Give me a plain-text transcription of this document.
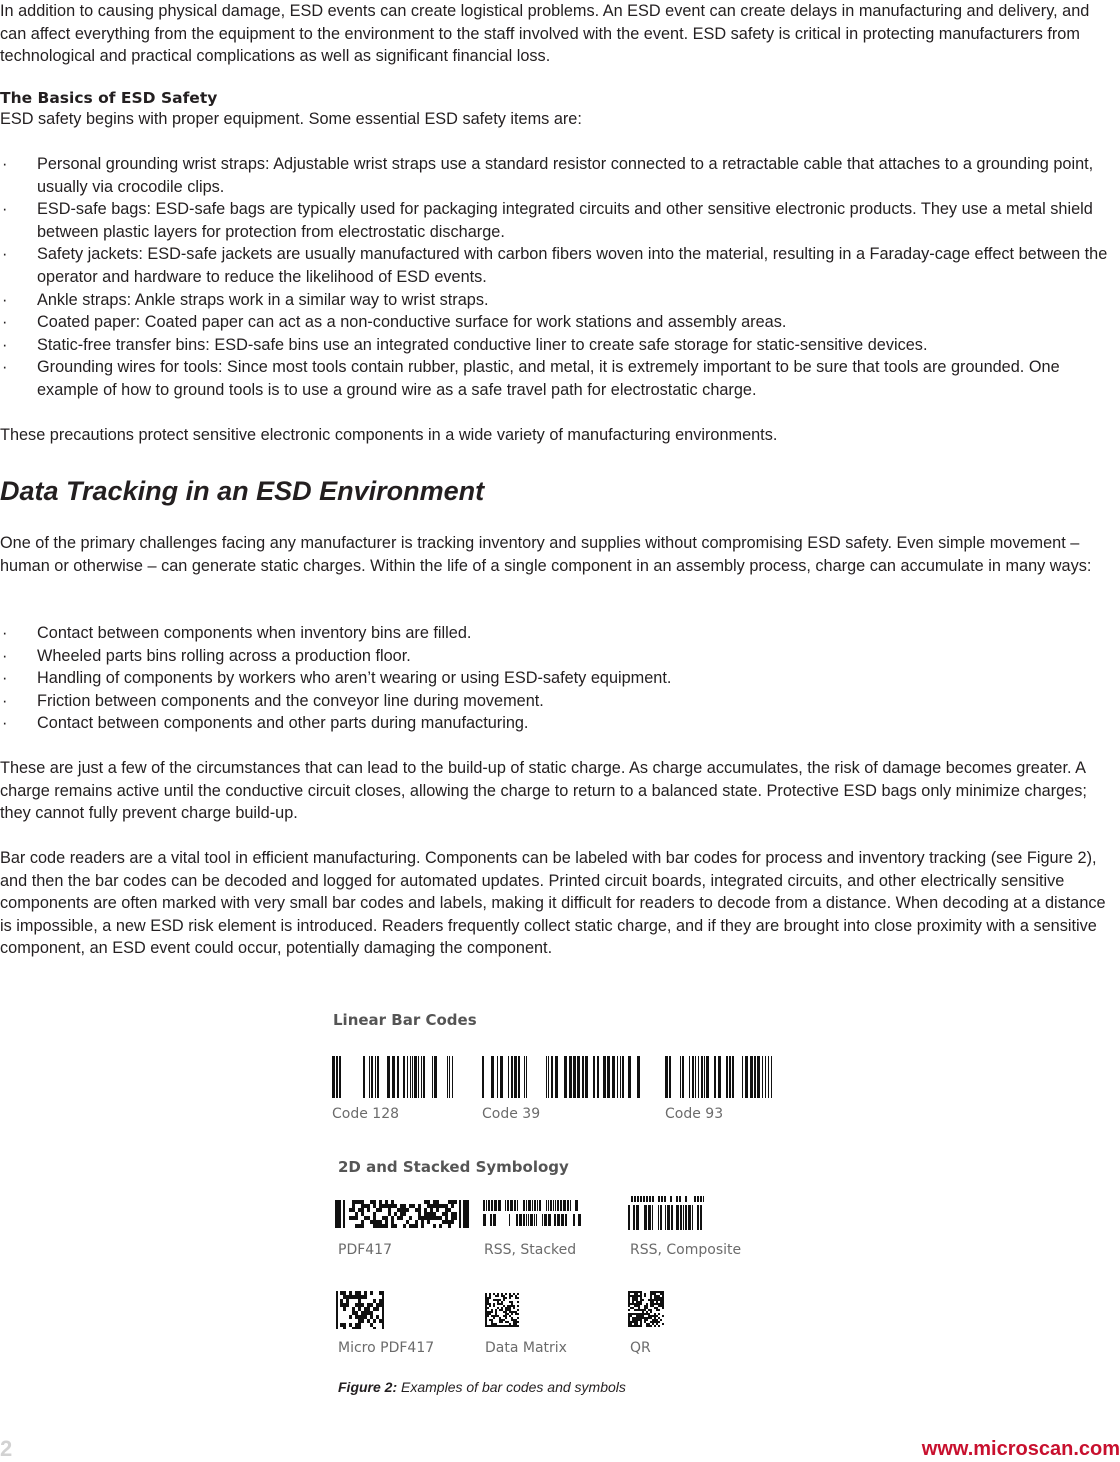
In addition to causing physical damage, ESD events can create logistical problems. An ESD event can create delays in manufacturing and delivery, and can affect everything from the equipment to the environment to the staff involved with the event. ESD safety is critical in protecting manufacturers from technological and practical complications as well as significant financial loss.

The Basics of ESD Safety

ESD safety begins with proper equipment. Some essential ESD safety items are:

· Personal grounding wrist straps: Adjustable wrist straps use a standard resistor connected to a retractable cable that attaches to a grounding point, usually via crocodile clips.
· ESD-safe bags: ESD-safe bags are typically used for packaging integrated circuits and other sensitive electronic products. They use a metal shield between plastic layers for protection from electrostatic discharge.
· Safety jackets: ESD-safe jackets are usually manufactured with carbon fibers woven into the material, resulting in a Faraday-cage effect between the operator and hardware to reduce the likelihood of ESD events.
· Ankle straps: Ankle straps work in a similar way to wrist straps.
· Coated paper: Coated paper can act as a non-conductive surface for work stations and assembly areas.
· Static-free transfer bins: ESD-safe bins use an integrated conductive liner to create safe storage for static-sensitive devices.
· Grounding wires for tools: Since most tools contain rubber, plastic, and metal, it is extremely important to be sure that tools are grounded. One example of how to ground tools is to use a ground wire as a safe travel path for electrostatic charge.

These precautions protect sensitive electronic components in a wide variety of manufacturing environments.

Data Tracking in an ESD Environment

One of the primary challenges facing any manufacturer is tracking inventory and supplies without compromising ESD safety. Even simple movement – human or otherwise – can generate static charges. Within the life of a single component in an assembly process, charge can accumulate in many ways:

· Contact between components when inventory bins are filled.
· Wheeled parts bins rolling across a production floor.
· Handling of components by workers who aren’t wearing or using ESD-safety equipment.
· Friction between components and the conveyor line during movement.
· Contact between components and other parts during manufacturing.

These are just a few of the circumstances that can lead to the build-up of static charge. As charge accumulates, the risk of damage becomes greater. A charge remains active until the conductive circuit closes, allowing the charge to return to a balanced state. Protective ESD bags only minimize charges; they cannot fully prevent charge build-up.

Bar code readers are a vital tool in efficient manufacturing. Components can be labeled with bar codes for process and inventory tracking (see Figure 2), and then the bar codes can be decoded and logged for automated updates. Printed circuit boards, integrated circuits, and other electrically sensitive components are often marked with very small bar codes and labels, making it difficult for readers to decode from a distance. When decoding at a distance is impossible, a new ESD risk element is introduced. Readers frequently collect static charge, and if they are brought into close proximity with a sensitive component, an ESD event could occur, potentially damaging the component.

Linear Bar Codes
Code 128	Code 39	Code 93
2D and Stacked Symbology
PDF417	RSS, Stacked	RSS, Composite
Micro PDF417	Data Matrix	QR
Figure 2: Examples of bar codes and symbols
2	www.microscan.com
